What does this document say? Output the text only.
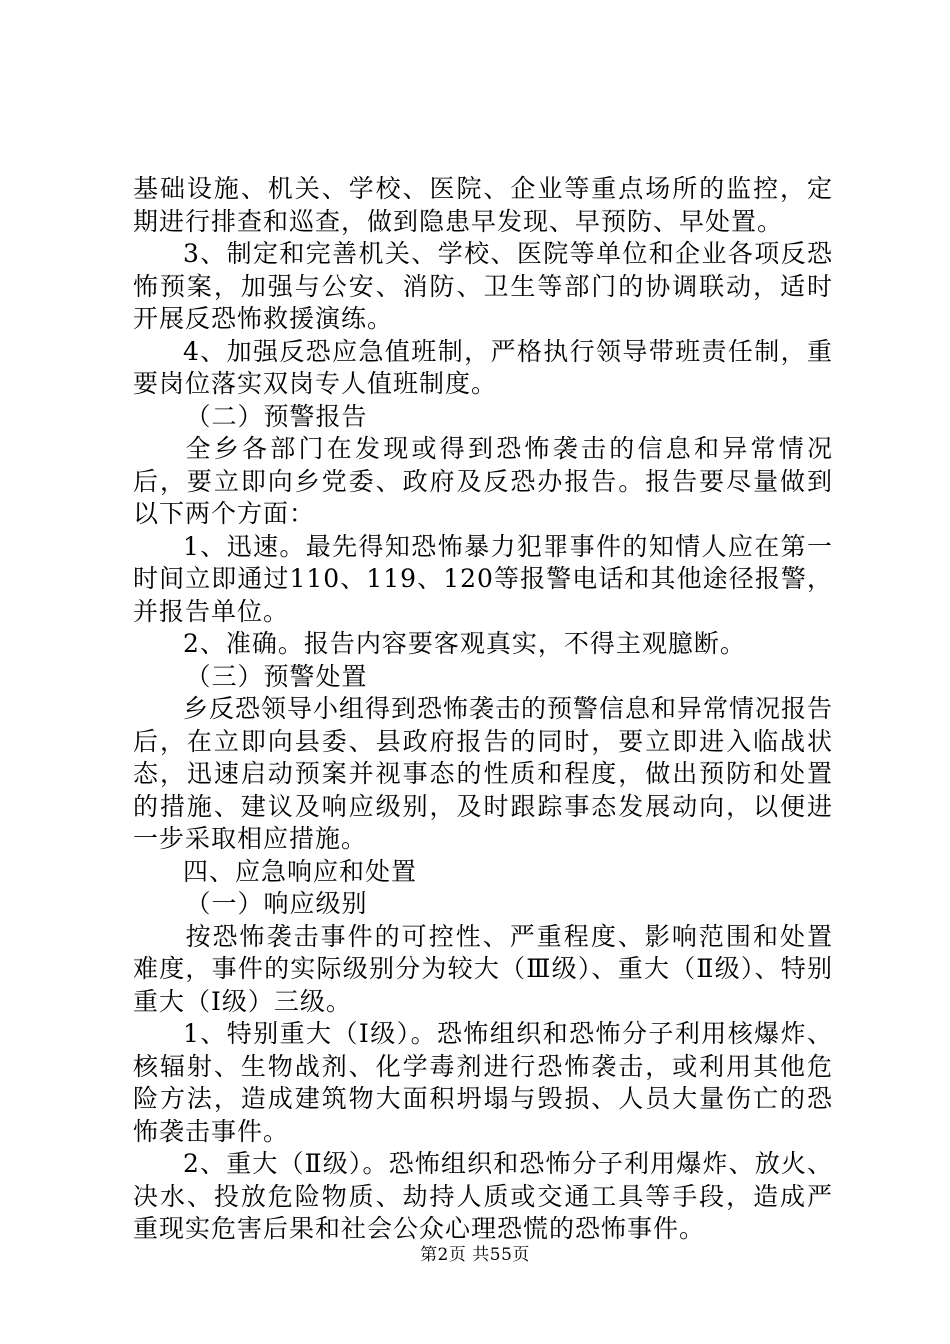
基础设施、机关、学校、医院、企业等重点场所的监控，定期进行排查和巡查，做到隐患早发现、早预防、早处置。

3、制定和完善机关、学校、医院等单位和企业各项反恐怖预案，加强与公安、消防、卫生等部门的协调联动，适时开展反恐怖救援演练。

4、加强反恐应急值班制，严格执行领导带班责任制，重要岗位落实双岗专人值班制度。

（二）预警报告

全乡各部门在发现或得到恐怖袭击的信息和异常情况后，要立即向乡党委、政府及反恐办报告。报告要尽量做到以下两个方面：

1、迅速。最先得知恐怖暴力犯罪事件的知情人应在第一时间立即通过110、119、120等报警电话和其他途径报警，并报告单位。

2、准确。报告内容要客观真实，不得主观臆断。

（三）预警处置

乡反恐领导小组得到恐怖袭击的预警信息和异常情况报告后，在立即向县委、县政府报告的同时，要立即进入临战状态，迅速启动预案并视事态的性质和程度，做出预防和处置的措施、建议及响应级别，及时跟踪事态发展动向，以便进一步采取相应措施。

四、应急响应和处置

（一）响应级别

按恐怖袭击事件的可控性、严重程度、影响范围和处置难度，事件的实际级别分为较大（Ⅲ级）、重大（Ⅱ级）、特别重大（Ⅰ级）三级。

1、特别重大（Ⅰ级）。恐怖组织和恐怖分子利用核爆炸、核辐射、生物战剂、化学毒剂进行恐怖袭击，或利用其他危险方法，造成建筑物大面积坍塌与毁损、人员大量伤亡的恐怖袭击事件。

2、重大（Ⅱ级）。恐怖组织和恐怖分子利用爆炸、放火、决水、投放危险物质、劫持人质或交通工具等手段，造成严重现实危害后果和社会公众心理恐慌的恐怖事件。

第2页 共55页
